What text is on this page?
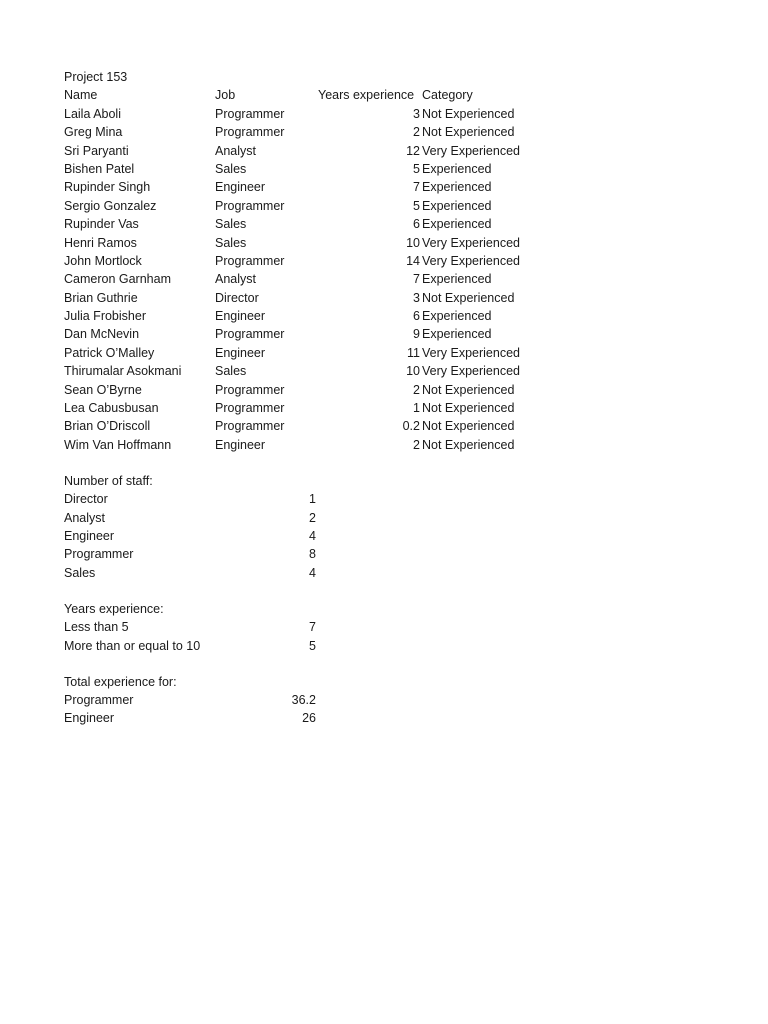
Project 153
Name	Job	Years experience Category
Laila Aboli	Programmer	3 Not Experienced
Greg Mina	Programmer	2 Not Experienced
Sri Paryanti	Analyst	12 Very Experienced
Bishen Patel	Sales	5 Experienced
Rupinder Singh	Engineer	7 Experienced
Sergio Gonzalez	Programmer	5 Experienced
Rupinder Vas	Sales	6 Experienced
Henri Ramos	Sales	10 Very Experienced
John Mortlock	Programmer	14 Very Experienced
Cameron Garnham	Analyst	7 Experienced
Brian Guthrie	Director	3 Not Experienced
Julia Frobisher	Engineer	6 Experienced
Dan McNevin	Programmer	9 Experienced
Patrick O’Malley	Engineer	11 Very Experienced
Thirumalar Asokmani	Sales	10 Very Experienced
Sean O’Byrne	Programmer	2 Not Experienced
Lea Cabusbusan	Programmer	1 Not Experienced
Brian O’Driscoll	Programmer	0.2 Not Experienced
Wim Van Hoffmann	Engineer	2 Not Experienced
Number of staff:
Director	1
Analyst	2
Engineer	4
Programmer	8
Sales	4
Years experience:
Less than 5	7
More than or equal to 10	5
Total experience for:
Programmer	36.2
Engineer	26
